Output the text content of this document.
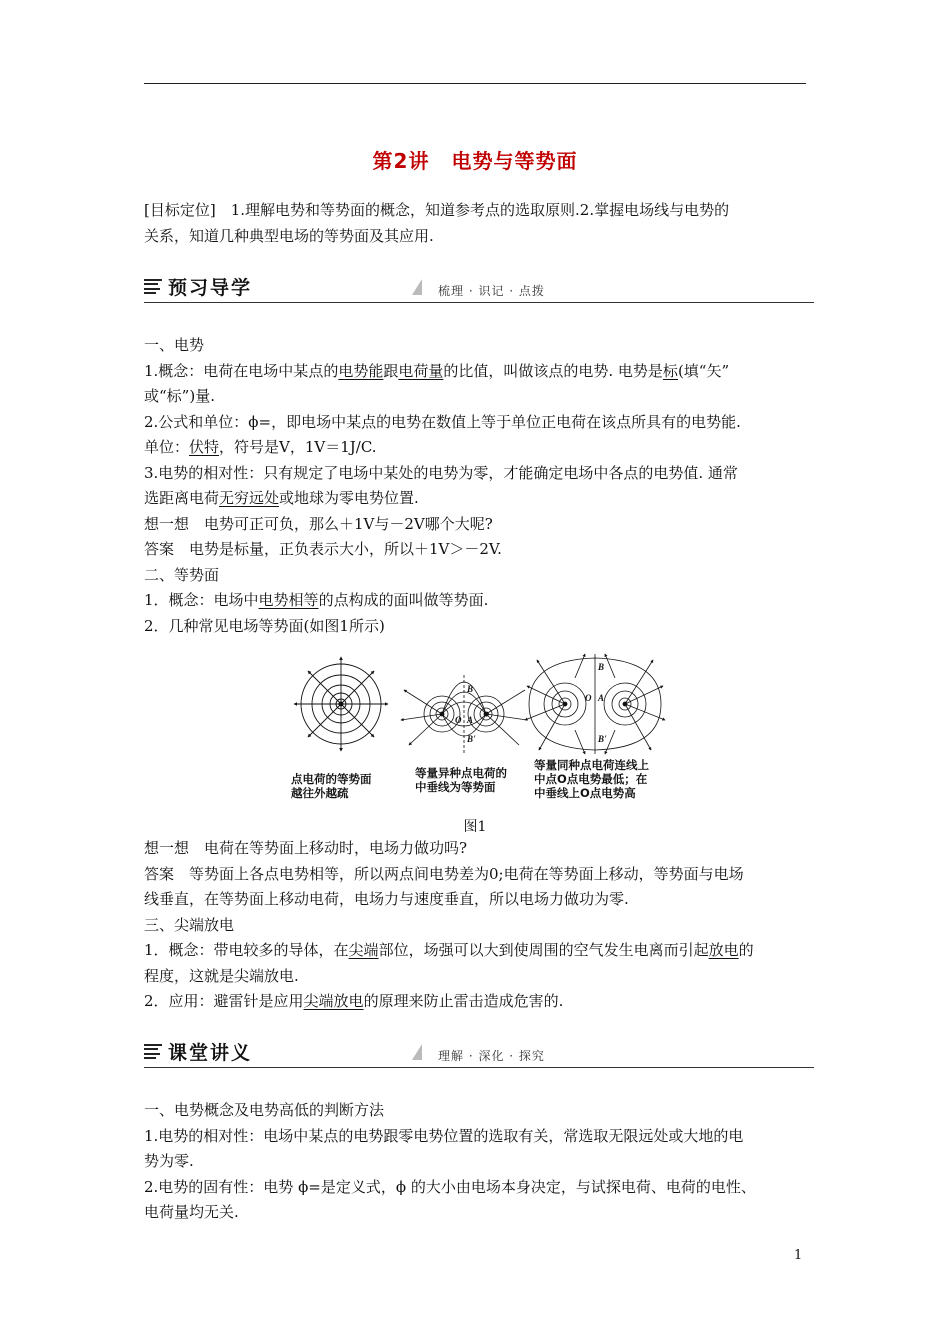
第2讲 电势与等势面
[目标定位]　1.理解电势和等势面的概念，知道参考点的选取原则.2.掌握电场线与电势的
关系，知道几种典型电场的等势面及其应用.
预习导学	梳理 · 识记 · 点拨
一、电势
1.概念：电荷在电场中某点的电势能跟电荷量的比值，叫做该点的电势. 电势是标(填“矢”
或“标”)量.
2.公式和单位：ϕ=，即电场中某点的电势在数值上等于单位正电荷在该点所具有的电势能.
单位：伏特，符号是V，1V＝1J/C.
3.电势的相对性：只有规定了电场中某处的电势为零，才能确定电场中各点的电势值. 通常
选距离电荷无穷远处或地球为零电势位置.
想一想　电势可正可负，那么＋1V与－2V哪个大呢?
答案　电势是标量，正负表示大小，所以＋1V＞－2V.
二、等势面
1．概念：电场中电势相等的点构成的面叫做等势面.
2．几种常见电场等势面(如图1所示)
B
O A
B'
B
O A
B'
点电荷的等势面
越往外越疏
等量异种点电荷的
中垂线为等势面
等量同种点电荷连线上
中点O点电势最低；在
中垂线上O点电势高
图1
想一想　电荷在等势面上移动时，电场力做功吗?
答案　等势面上各点电势相等，所以两点间电势差为0;电荷在等势面上移动，等势面与电场
线垂直，在等势面上移动电荷，电场力与速度垂直，所以电场力做功为零.
三、尖端放电
1．概念：带电较多的导体，在尖端部位，场强可以大到使周围的空气发生电离而引起放电的
程度，这就是尖端放电.
2．应用：避雷针是应用尖端放电的原理来防止雷击造成危害的.
课堂讲义	理解 · 深化 · 探究
一、电势概念及电势高低的判断方法
1.电势的相对性：电场中某点的电势跟零电势位置的选取有关，常选取无限远处或大地的电
势为零.
2.电势的固有性：电势 ϕ=是定义式，ϕ 的大小由电场本身决定，与试探电荷、电荷的电性、
电荷量均无关.
1
